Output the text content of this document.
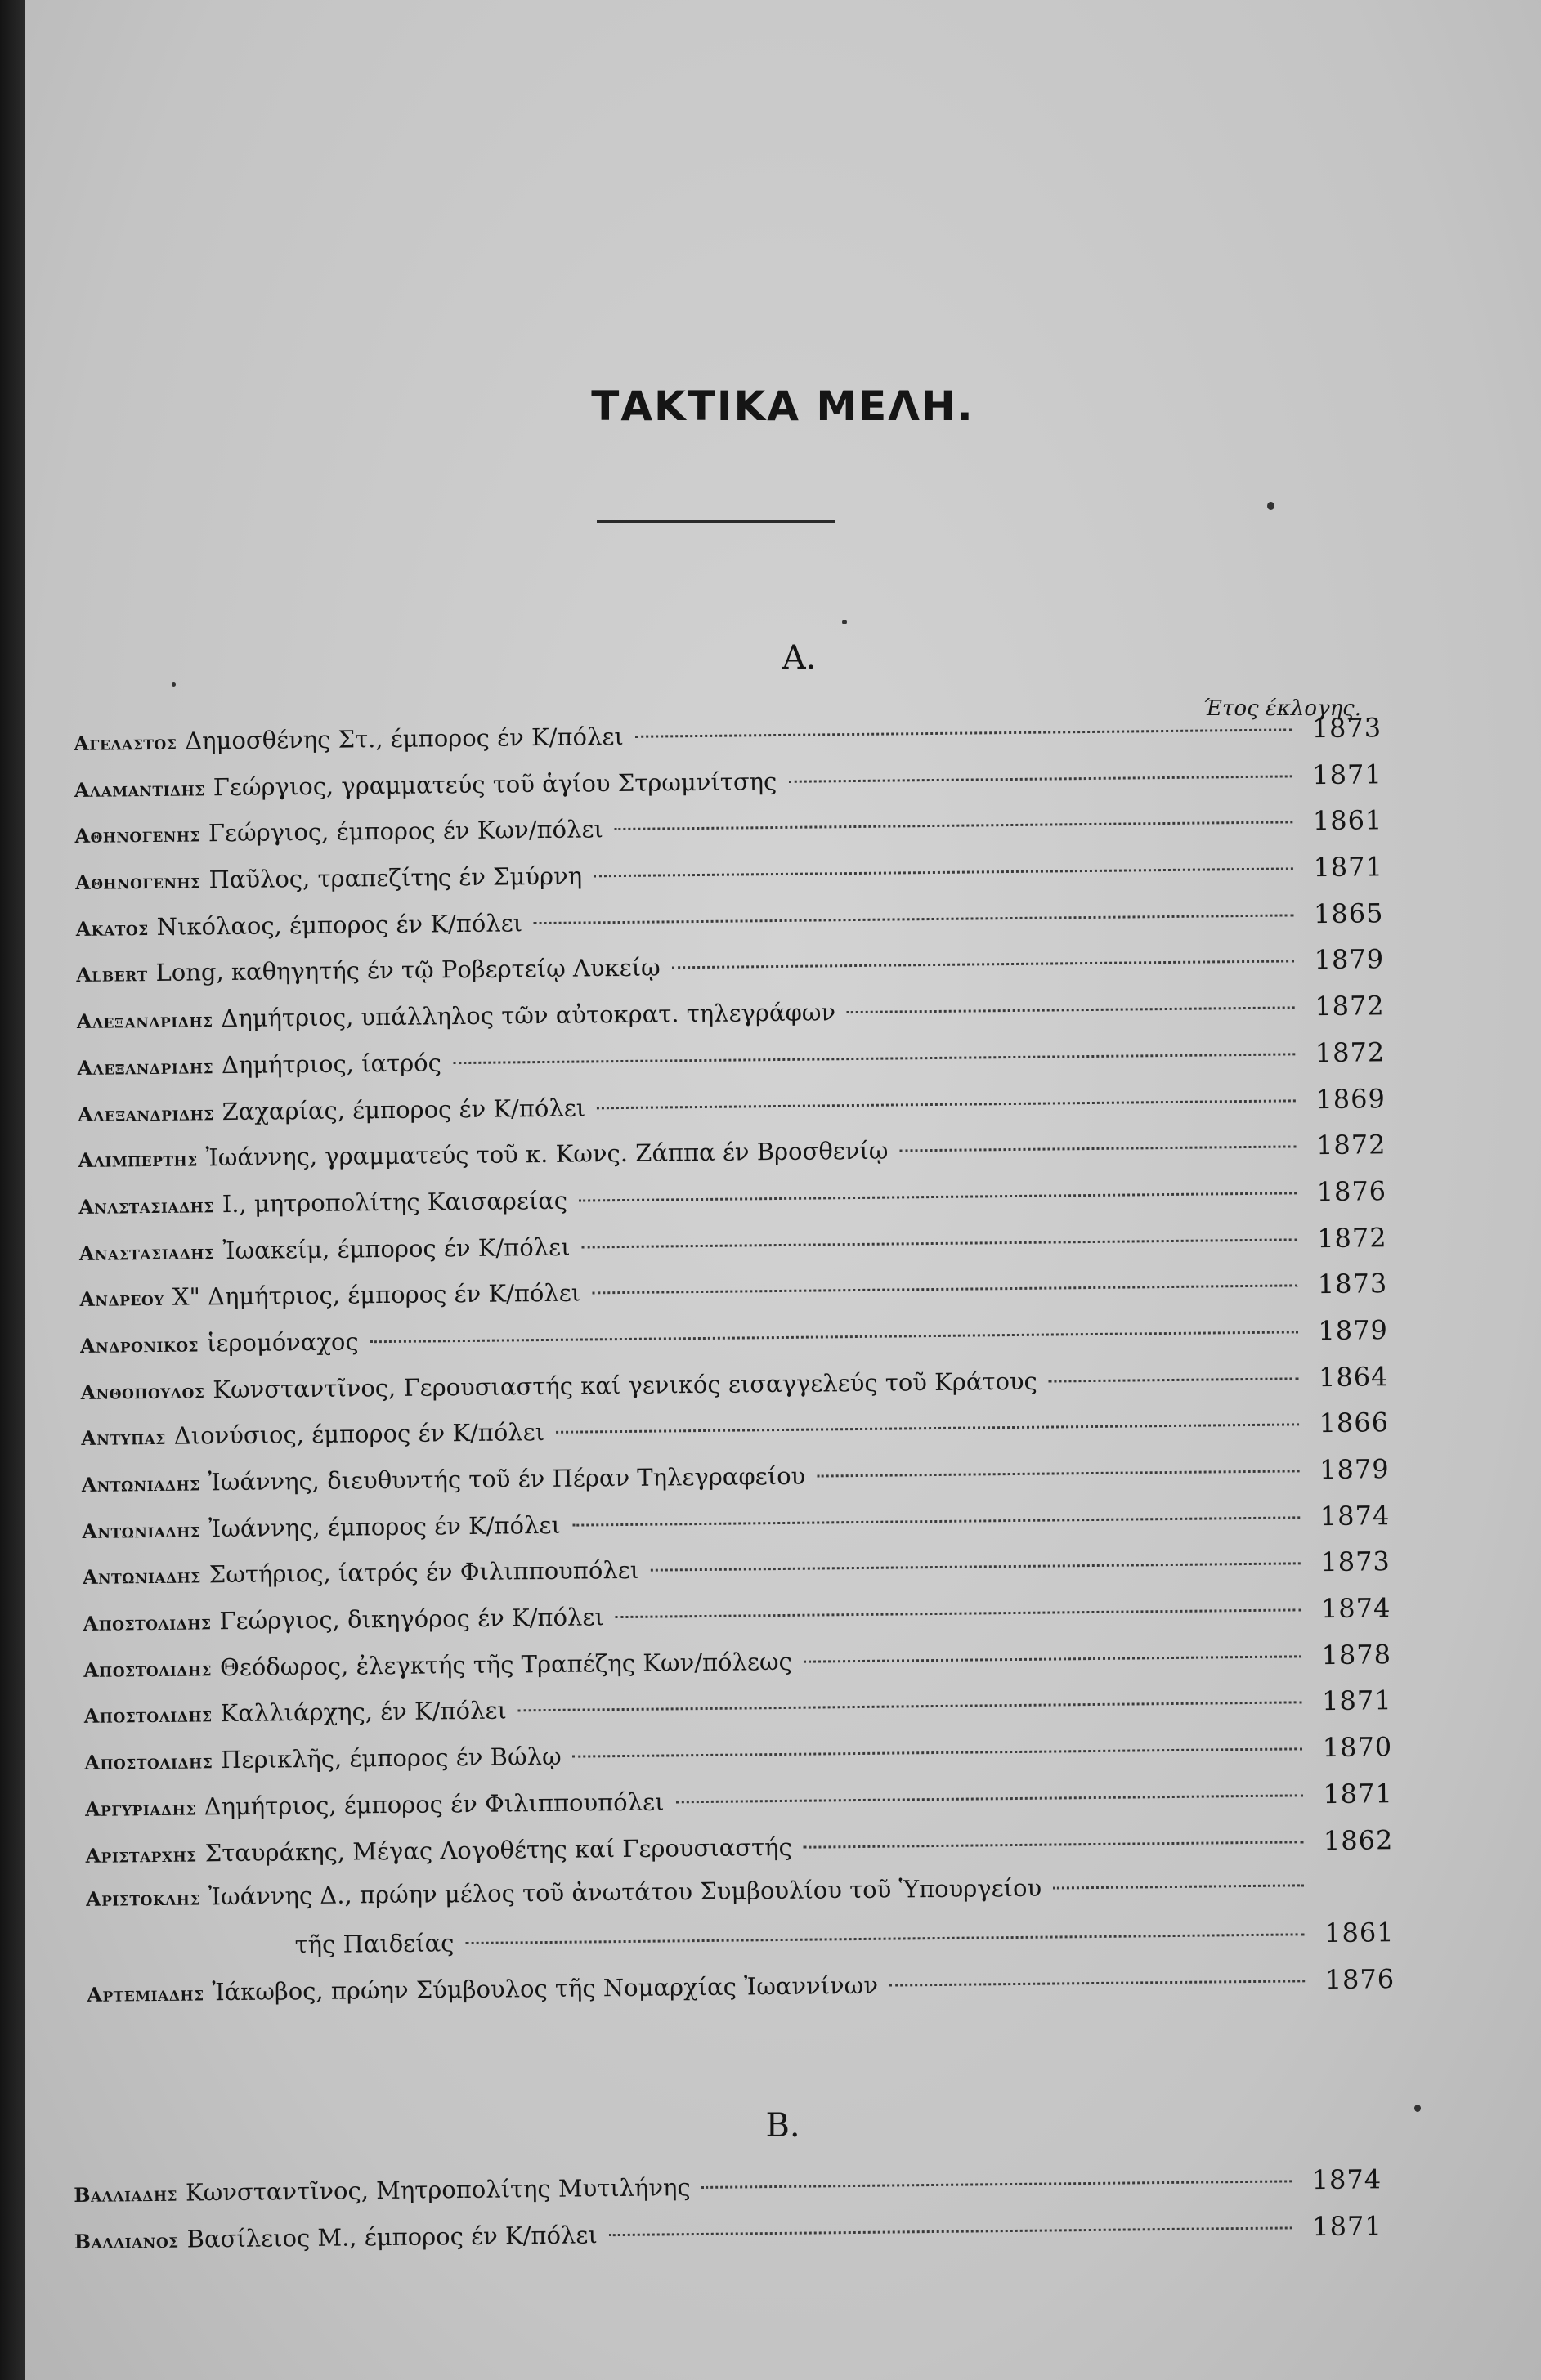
ΤΑΚΤΙΚΑ ΜΕΛΗ.
Α.
Έτος έκλογης.
Αγελαστος Δημοσθένης Στ., έμπορος έν Κ/πόλει	1873
Αλαμαντιδης Γεώργιος, γραμματεύς τοῦ ἁγίου Στρωμνίτσης	1871
Αθηνογενης Γεώργιος, έμπορος έν Κων/πόλει	1861
Αθηνογενης Παῦλος, τραπεζίτης έν Σμύρνη	1871
Ακατος Νικόλαος, έμπορος έν Κ/πόλει	1865
Albert Long, καθηγητής έν τῷ Ροβερτείῳ Λυκείῳ	1879
Αλεξανδριδης Δημήτριος, υπάλληλος τῶν αὐτοκρατ. τηλεγράφων	1872
Αλεξανδριδης Δημήτριος, ίατρός	1872
Αλεξανδριδης Ζαχαρίας, έμπορος έν Κ/πόλει	1869
Αλιμπερτης Ἰωάννης, γραμματεύς τοῦ κ. Κωνς. Ζάππα έν Βροσθενίῳ	1872
Αναστασιαδης Ι., μητροπολίτης Καισαρείας	1876
Αναστασιαδης Ἰωακείμ, έμπορος έν Κ/πόλει	1872
Ανδρεου Χ" Δημήτριος, έμπορος έν Κ/πόλει	1873
Ανδρονικος ἱερομόναχος	1879
Ανθοπουλος Κωνσταντῖνος, Γερουσιαστής καί γενικός εισαγγελεύς τοῦ Κράτους	1864
Αντυπας Διονύσιος, έμπορος έν Κ/πόλει	1866
Αντωνιαδης Ἰωάννης, διευθυντής τοῦ έν Πέραν Τηλεγραφείου	1879
Αντωνιαδης Ἰωάννης, έμπορος έν Κ/πόλει	1874
Αντωνιαδης Σωτήριος, ίατρός έν Φιλιππουπόλει	1873
Αποστολιδης Γεώργιος, δικηγόρος έν Κ/πόλει	1874
Αποστολιδης Θεόδωρος, ἐλεγκτής τῆς Τραπέζης Κων/πόλεως	1878
Αποστολιδης Καλλιάρχης, έν Κ/πόλει	1871
Αποστολιδης Περικλῆς, έμπορος έν Βώλῳ	1870
Αργυριαδης Δημήτριος, έμπορος έν Φιλιππουπόλει	1871
Αρισταρχης Σταυράκης, Μέγας Λογοθέτης καί Γερουσιαστής	1862
Αριστοκλης Ἰωάννης Δ., πρώην μέλος τοῦ ἀνωτάτου Συμβουλίου τοῦ Ὑπουργείου
τῆς Παιδείας	1861
Αρτεμιαδης Ἰάκωβος, πρώην Σύμβουλος τῆς Νομαρχίας Ἰωαννίνων	1876
Β.
Βαλλιαδης Κωνσταντῖνος, Μητροπολίτης Μυτιλήνης	1874
Βαλλιανος Βασίλειος Μ., έμπορος έν Κ/πόλει	1871
